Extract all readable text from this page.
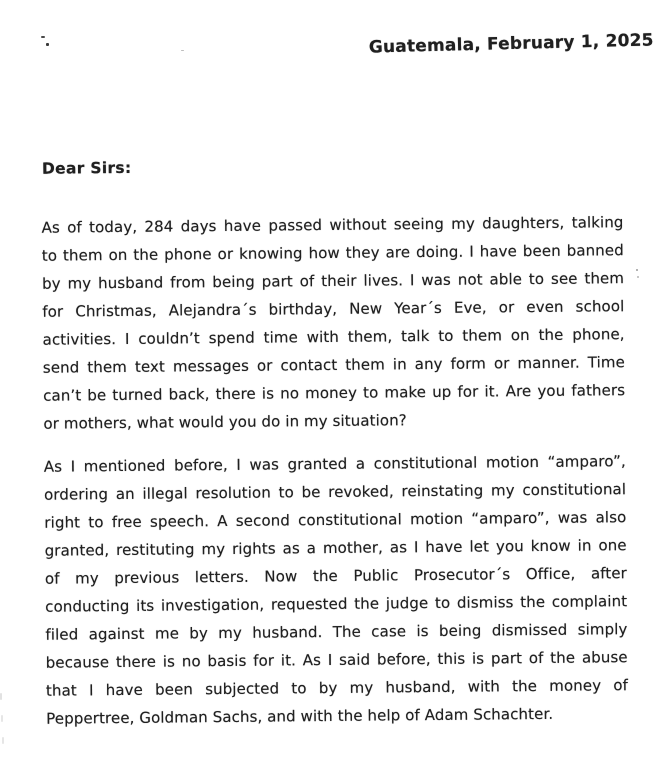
Guatemala, February 1, 2025
Dear Sirs:
As of today, 284 days have passed without seeing my daughters, talking
to them on the phone or knowing how they are doing. I have been banned
by my husband from being part of their lives. I was not able to see them
for Christmas, Alejandra´s birthday, New Year´s Eve, or even school
activities. I couldn’t spend time with them, talk to them on the phone,
send them text messages or contact them in any form or manner. Time
can’t be turned back, there is no money to make up for it. Are you fathers
or mothers, what would you do in my situation?
As I mentioned before, I was granted a constitutional motion “amparo”,
ordering an illegal resolution to be revoked, reinstating my constitutional
right to free speech. A second constitutional motion “amparo”, was also
granted, restituting my rights as a mother, as I have let you know in one
of my previous letters. Now the Public Prosecutor´s Office, after
conducting its investigation, requested the judge to dismiss the complaint
filed against me by my husband. The case is being dismissed simply
because there is no basis for it. As I said before, this is part of the abuse
that I have been subjected to by my husband, with the money of
Peppertree, Goldman Sachs, and with the help of Adam Schachter.
